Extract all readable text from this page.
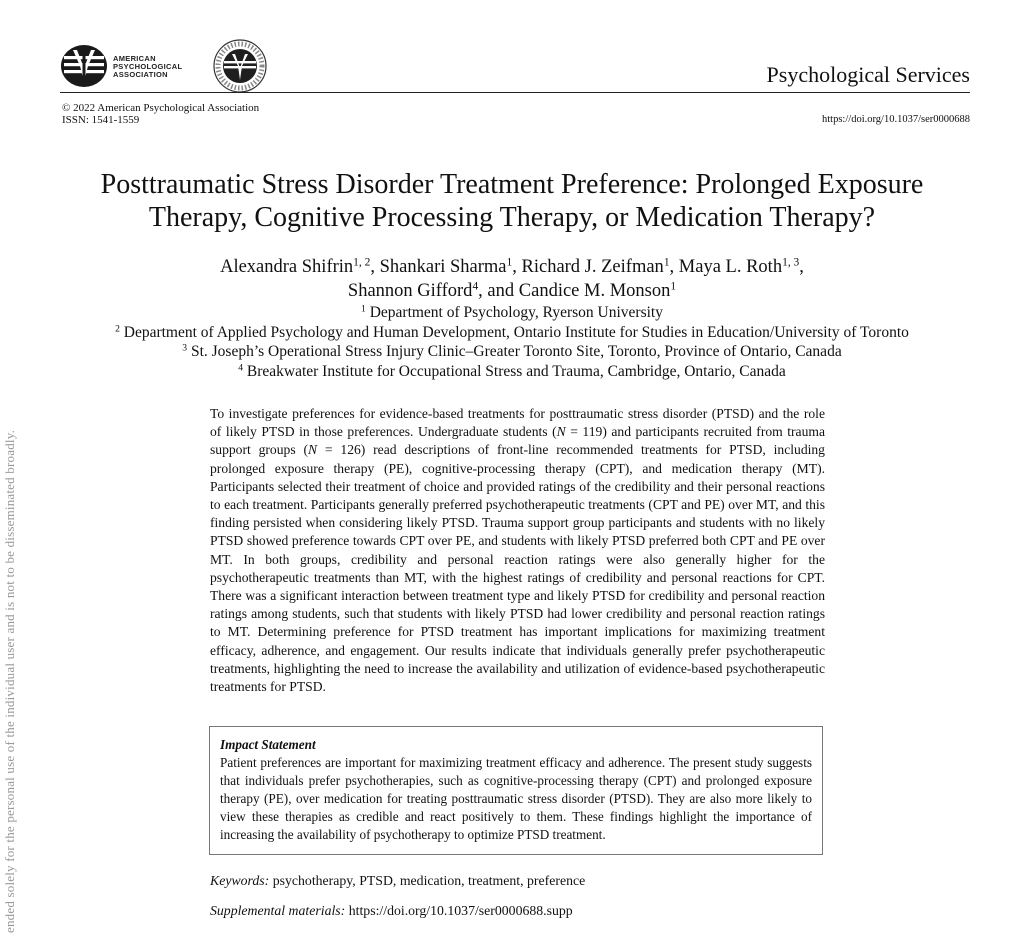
ended solely for the personal use of the individual user and is not to be disseminated broadly.
AMERICAN
PSYCHOLOGICAL
ASSOCIATION	Psychological Services
© 2022 American Psychological Association
ISSN: 1541-1559	https://doi.org/10.1037/ser0000688
Posttraumatic Stress Disorder Treatment Preference: Prolonged Exposure
Therapy, Cognitive Processing Therapy, or Medication Therapy?
Alexandra Shifrin$^{1, 2}$, Shankari Sharma$^1$, Richard J. Zeifman$^1$, Maya L. Roth$^{1, 3}$,
Shannon Gifford$^4$, and Candice M. Monson$^1$
$^1$ Department of Psychology, Ryerson University
$^2$ Department of Applied Psychology and Human Development, Ontario Institute for Studies in Education/University of Toronto
$^3$ St. Joseph’s Operational Stress Injury Clinic–Greater Toronto Site, Toronto, Province of Ontario, Canada
$^4$ Breakwater Institute for Occupational Stress and Trauma, Cambridge, Ontario, Canada
To investigate preferences for evidence-based treatments for posttraumatic stress disorder (PTSD) and the role of likely PTSD in those preferences. Undergraduate students (N = 119) and participants recruited from trauma support groups (N = 126) read descriptions of front-line recommended treatments for PTSD, including prolonged exposure therapy (PE), cognitive-processing therapy (CPT), and medication therapy (MT). Participants selected their treatment of choice and provided ratings of the credibility and their personal reactions to each treatment. Participants generally preferred psychotherapeutic treatments (CPT and PE) over MT, and this finding persisted when considering likely PTSD. Trauma support group participants and students with no likely PTSD showed preference towards CPT over PE, and students with likely PTSD preferred both CPT and PE over MT. In both groups, credibility and personal reaction ratings were also generally higher for the psychotherapeutic treatments than MT, with the highest ratings of credibility and personal reactions for CPT. There was a significant interaction between treatment type and likely PTSD for credibility and personal reaction ratings among students, such that students with likely PTSD had lower credibility and personal reaction ratings to MT. Determining preference for PTSD treatment has important implications for maximizing treatment efficacy, adherence, and engagement. Our results indicate that individuals generally prefer psychotherapeutic treatments, highlighting the need to increase the availability and utilization of evidence-based psychotherapeutic treatments for PTSD.
Impact Statement
Patient preferences are important for maximizing treatment efficacy and adherence. The present study suggests that individuals prefer psychotherapies, such as cognitive-processing therapy (CPT) and prolonged exposure therapy (PE), over medication for treating posttraumatic stress disorder (PTSD). They are also more likely to view these therapies as credible and react positively to them. These findings highlight the importance of increasing the availability of psychotherapy to optimize PTSD treatment.
Keywords: psychotherapy, PTSD, medication, treatment, preference
Supplemental materials: https://doi.org/10.1037/ser0000688.supp
